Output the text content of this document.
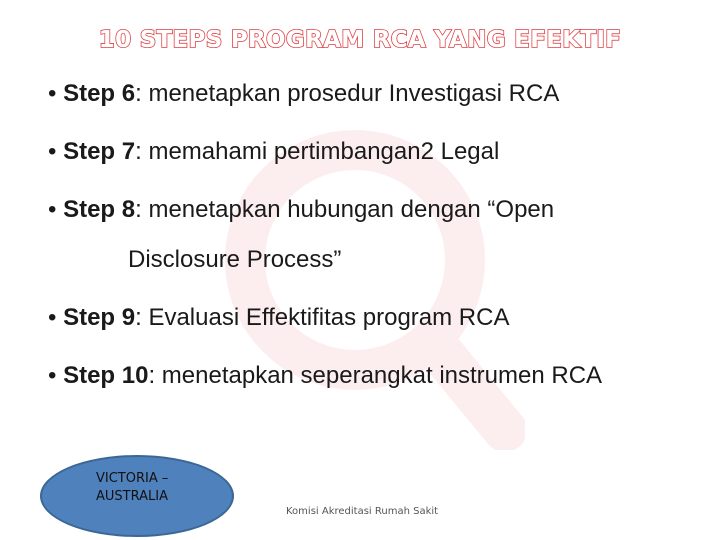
10 STEPS PROGRAM RCA YANG EFEKTIF
• Step 6: menetapkan prosedur Investigasi RCA
• Step 7: memahami pertimbangan2 Legal
• Step 8: menetapkan hubungan dengan “Open
Disclosure Process”
• Step 9: Evaluasi Effektifitas program RCA
• Step 10: menetapkan seperangkat instrumen RCA
VICTORIA –
AUSTRALIA
Komisi Akreditasi Rumah Sakit
